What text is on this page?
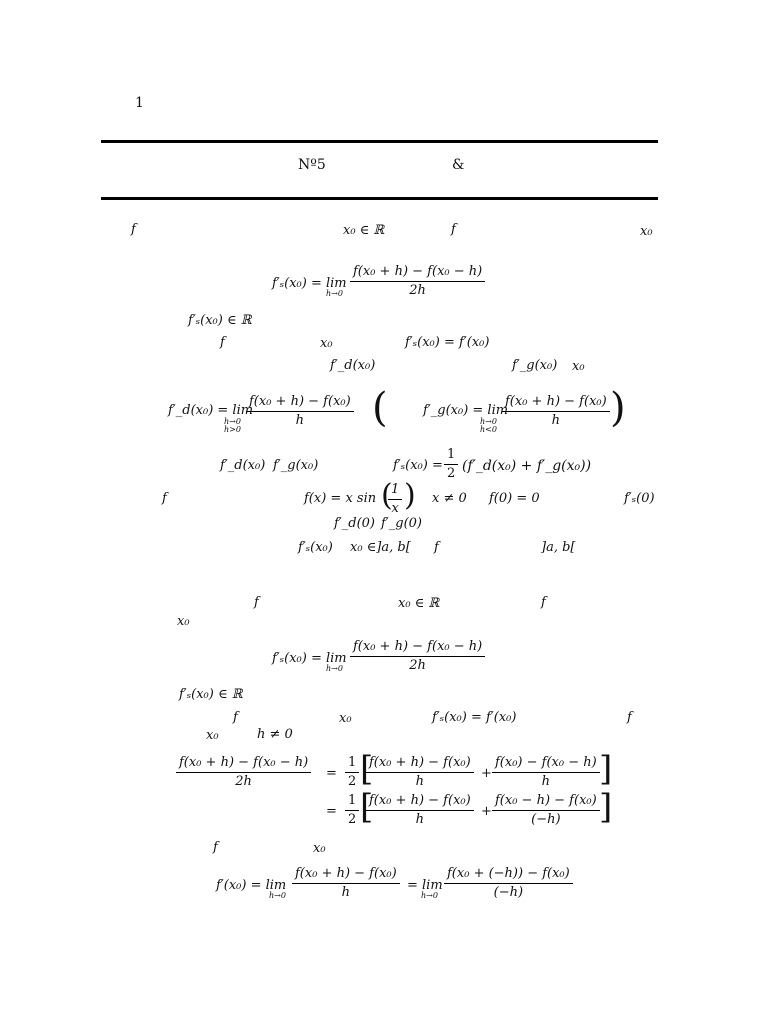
1
Nº5	&
f	x₀ ∈ ℝ	f	x₀
f′ₛ(x₀) = lim
$h\to 0 \frac{\text{f(x₀ + h) − f(x₀ − h)}}{2h}$
f′ₛ(x₀) ∈ ℝ
f	x₀	f′ₛ(x₀) = f′(x₀)
f′_d(x₀)	f′_g(x₀) x₀
f′_d(x₀) = lim
h→0
h>0
$\frac{\text{f(x₀ + h) − f(x₀)}}{h}$ (	f′_g(x₀) = lim
h→0
h<0
$\frac{\text{f(x₀ + h) − f(x₀)}}{h}$ )
f′_d(x₀) f′_g(x₀)	$f'_s(x_0) = \frac{1}{2}$ (f′_d(x₀) + f′_g(x₀))
f	f(x) = x sin (
$\frac{1}{x}$ ) x ≠ 0 f(0) = 0	f′ₛ(0)
f′_d(0) f′_g(0)
f′ₛ(x₀) x₀ ∈]a, b[ f	]a, b[
f	x₀ ∈ ℝ	f
x₀
f′ₛ(x₀) = lim
$h\to 0 \frac{\text{f(x₀ + h) − f(x₀ − h)}}{2h}$
f′ₛ(x₀) ∈ ℝ
f	x₀	f′ₛ(x₀) = f′(x₀)	f
x₀	h ≠ 0
$\frac{\text{f(x₀ + h) − f(x₀ − h)}}{2h} = \frac{1}{2}$ [
$\frac{\text{f(x₀ + h) − f(x₀)}}{h} + \frac{\text{f(x₀) − f(x₀ − h)}}{h}$ ]
= $\frac{1}{2}$ [
$\frac{\text{f(x₀ + h) − f(x₀)}}{h} + \frac{\text{f(x₀ − h) − f(x₀)}}{(-h)}$ ]
f	x₀
f′(x₀) = lim
$h\to 0 \frac{\text{f(x₀ + h) − f(x₀)}}{h} = \lim$
$h\to 0 \frac{\text{f(x₀ + (−h)) − f(x₀)}}{(-h)}$
